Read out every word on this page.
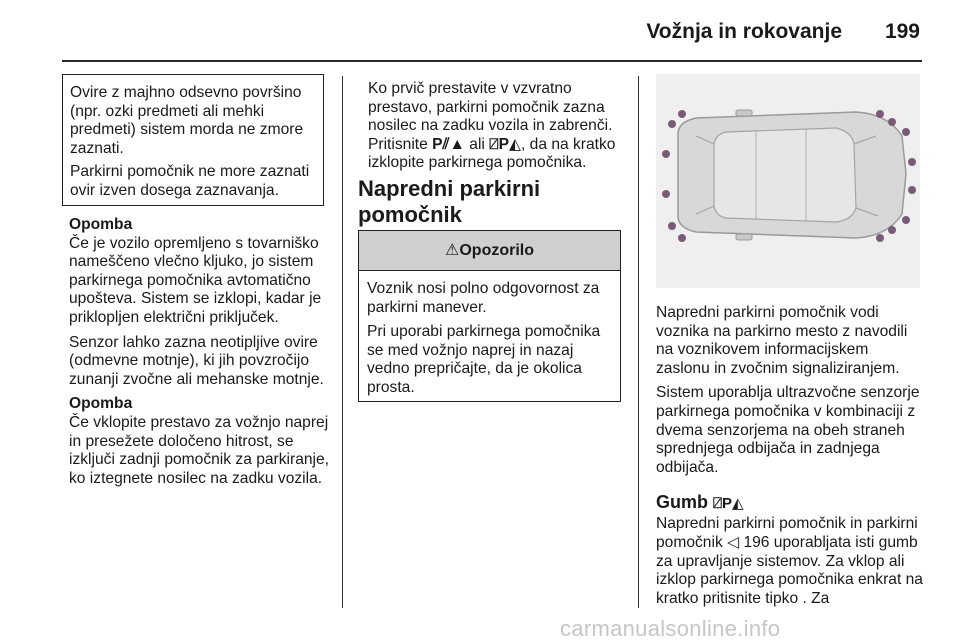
Vožnja in rokovanje 199

Ovire z majhno odsevno površino (npr. ozki predmeti ali mehki predmeti) sistem morda ne zmore zaznati.

Parkirni pomočnik ne more zaznati ovir izven dosega zaznavanja.

Opomba

Če je vozilo opremljeno s tovarniško nameščeno vlečno kljuko, jo sistem parkirnega pomočnika avtomatično upošteva. Sistem se izklopi, kadar je priklopljen električni priključek.

Senzor lahko zazna neotipljive ovire (odmevne motnje), ki jih povzročijo zunanji zvočne ali mehanske motnje.

Opomba

Če vklopite prestavo za vožnjo naprej in presežete določeno hitrost, se izključi zadnji pomočnik za parkiranje, ko iztegnete nosilec na zadku vozila.

Ko prvič prestavite v vzvratno prestavo, parkirni pomočnik zazna nosilec na zadku vozila in zabrenči. Pritisnite P⫽▲ ali ⍁P◭, da na kratko izklopite parkirnega pomočnika.

Napredni parkirni
pomočnik
⚠Opozorilo

Voznik nosi polno odgovornost za parkirni manever.

Pri uporabi parkirnega pomočnika se med vožnjo naprej in nazaj vedno prepričajte, da je okolica prosta.

Napredni parkirni pomočnik vodi voznika na parkirno mesto z navodili na voznikovem informacijskem zaslonu in zvočnim signaliziranjem.

Sistem uporablja ultrazvočne senzorje parkirnega pomočnika v kombinaciji z dvema senzorjema na obeh straneh sprednjega odbijača in zadnjega odbijača.

Gumb ⍁P◭

Napredni parkirni pomočnik in parkirni pomočnik ◁ 196 uporabljata isti gumb za upravljanje sistemov. Za vklop ali izklop parkirnega pomočnika enkrat na kratko pritisnite tipko . Za

carmanualsonline.info
